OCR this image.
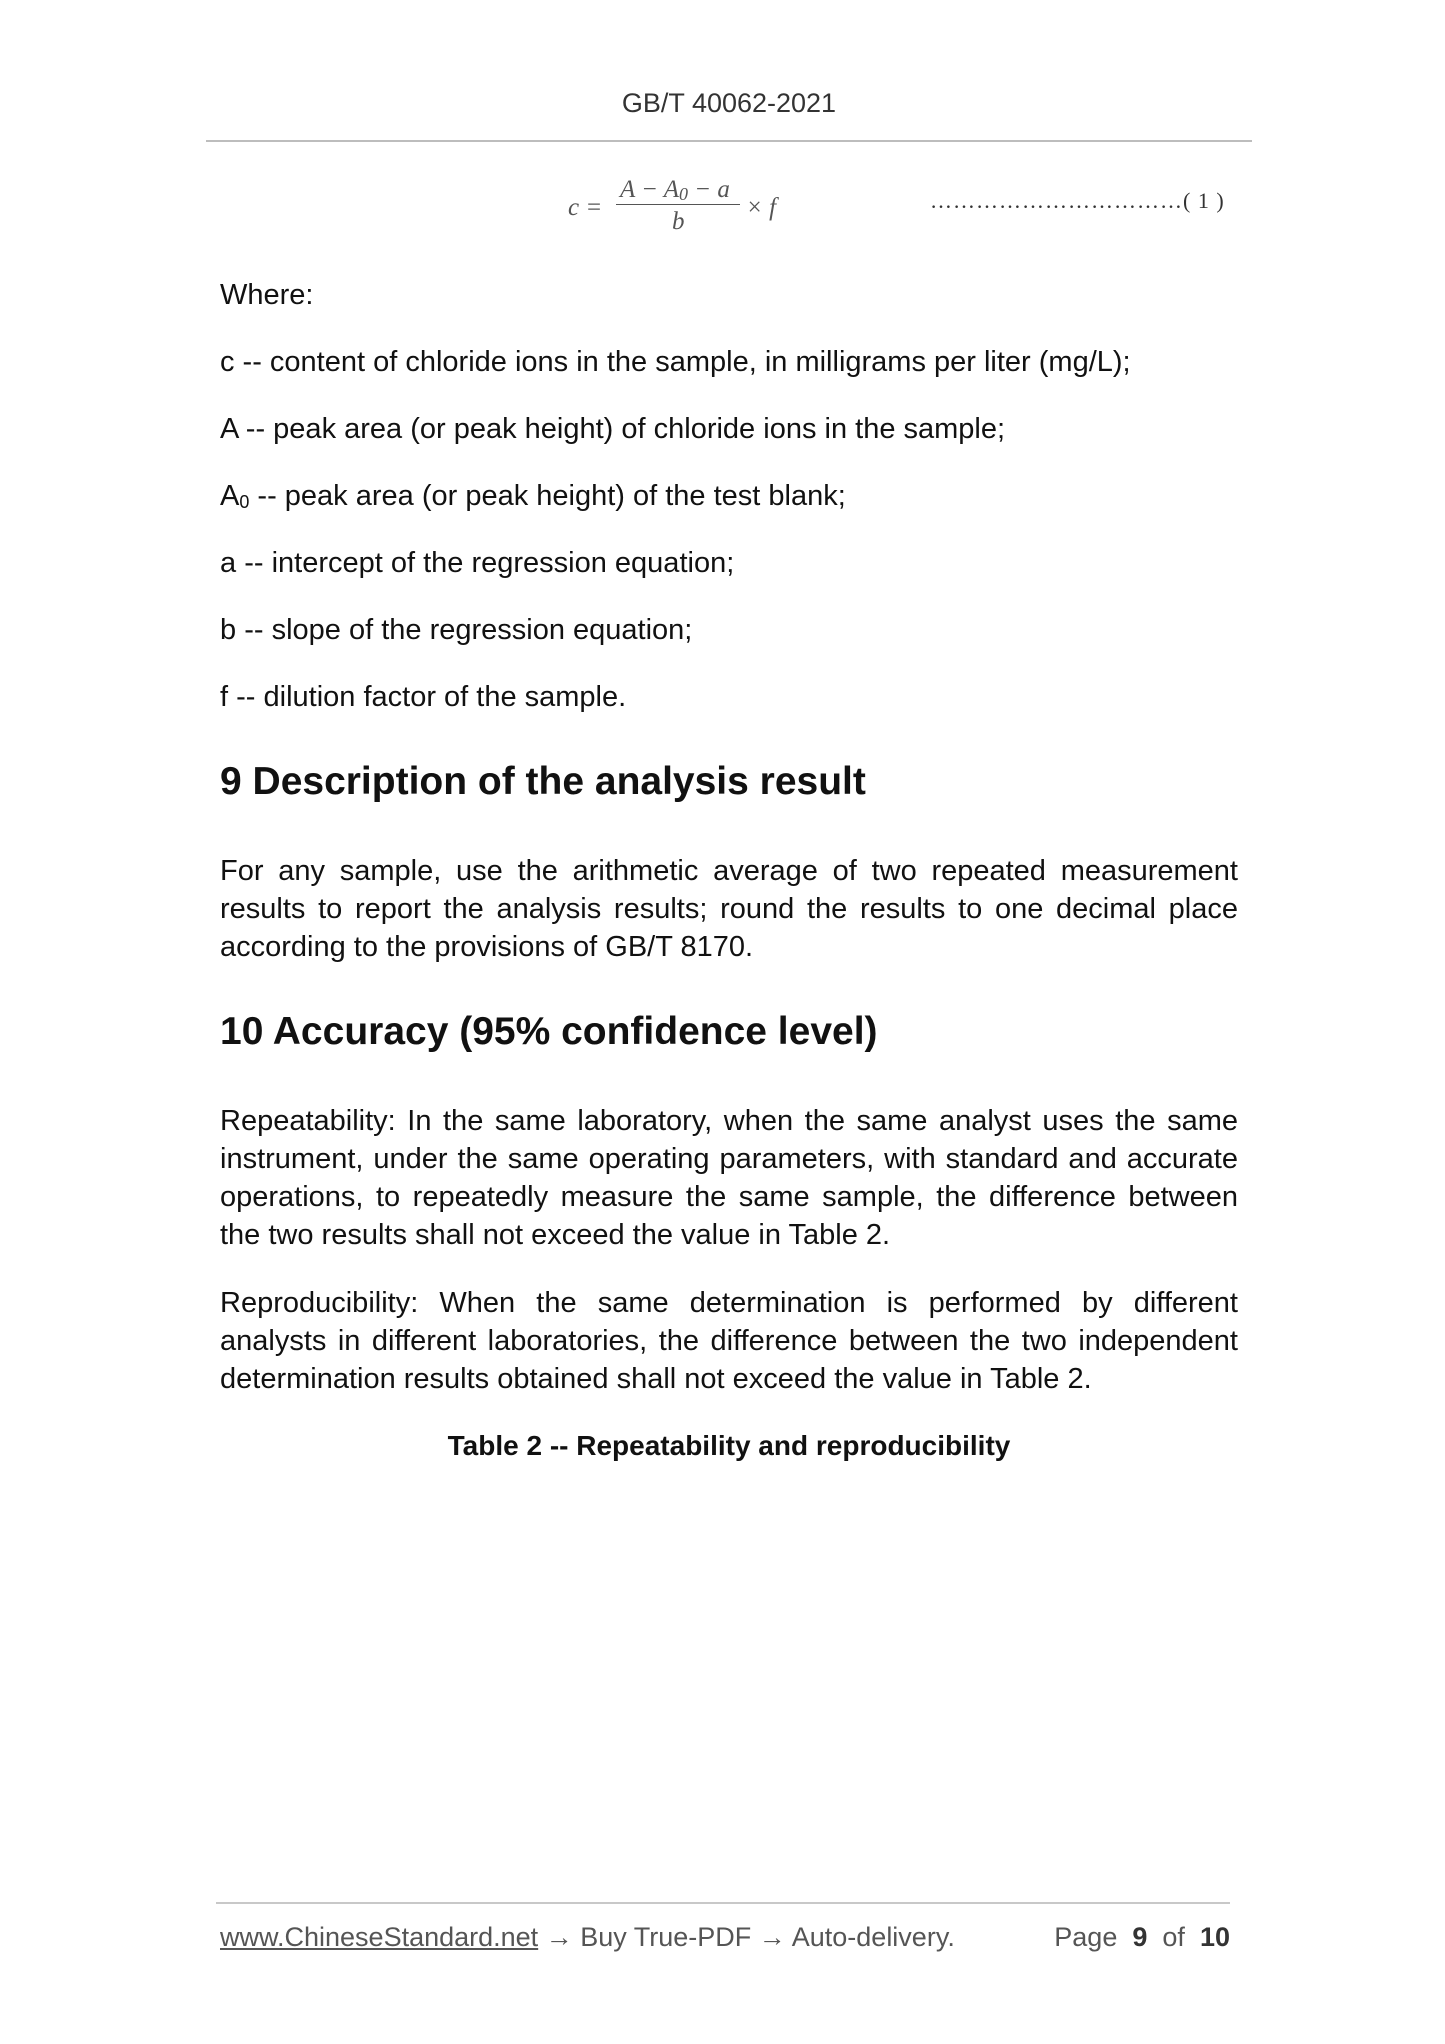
GB/T 40062-2021
c =
$A - A_0 - a$
b
× f	……………………………( 1 )

Where:

c -- content of chloride ions in the sample, in milligrams per liter (mg/L);

A -- peak area (or peak height) of chloride ions in the sample;

$A_0$ -- peak area (or peak height) of the test blank;

a -- intercept of the regression equation;

b -- slope of the regression equation;

f -- dilution factor of the sample.

9 Description of the analysis result

For any sample, use the arithmetic average of two repeated measurement results to report the analysis results; round the results to one decimal place according to the provisions of GB/T 8170.

10 Accuracy (95% confidence level)

Repeatability: In the same laboratory, when the same analyst uses the same instrument, under the same operating parameters, with standard and accurate operations, to repeatedly measure the same sample, the difference between the two results shall not exceed the value in Table 2.

Reproducibility: When the same determination is performed by different analysts in different laboratories, the difference between the two independent determination results obtained shall not exceed the value in Table 2.

Table 2 -- Repeatability and reproducibility
www.ChineseStandard.net → Buy True-PDF → Auto-delivery.	Page 9 of 10
